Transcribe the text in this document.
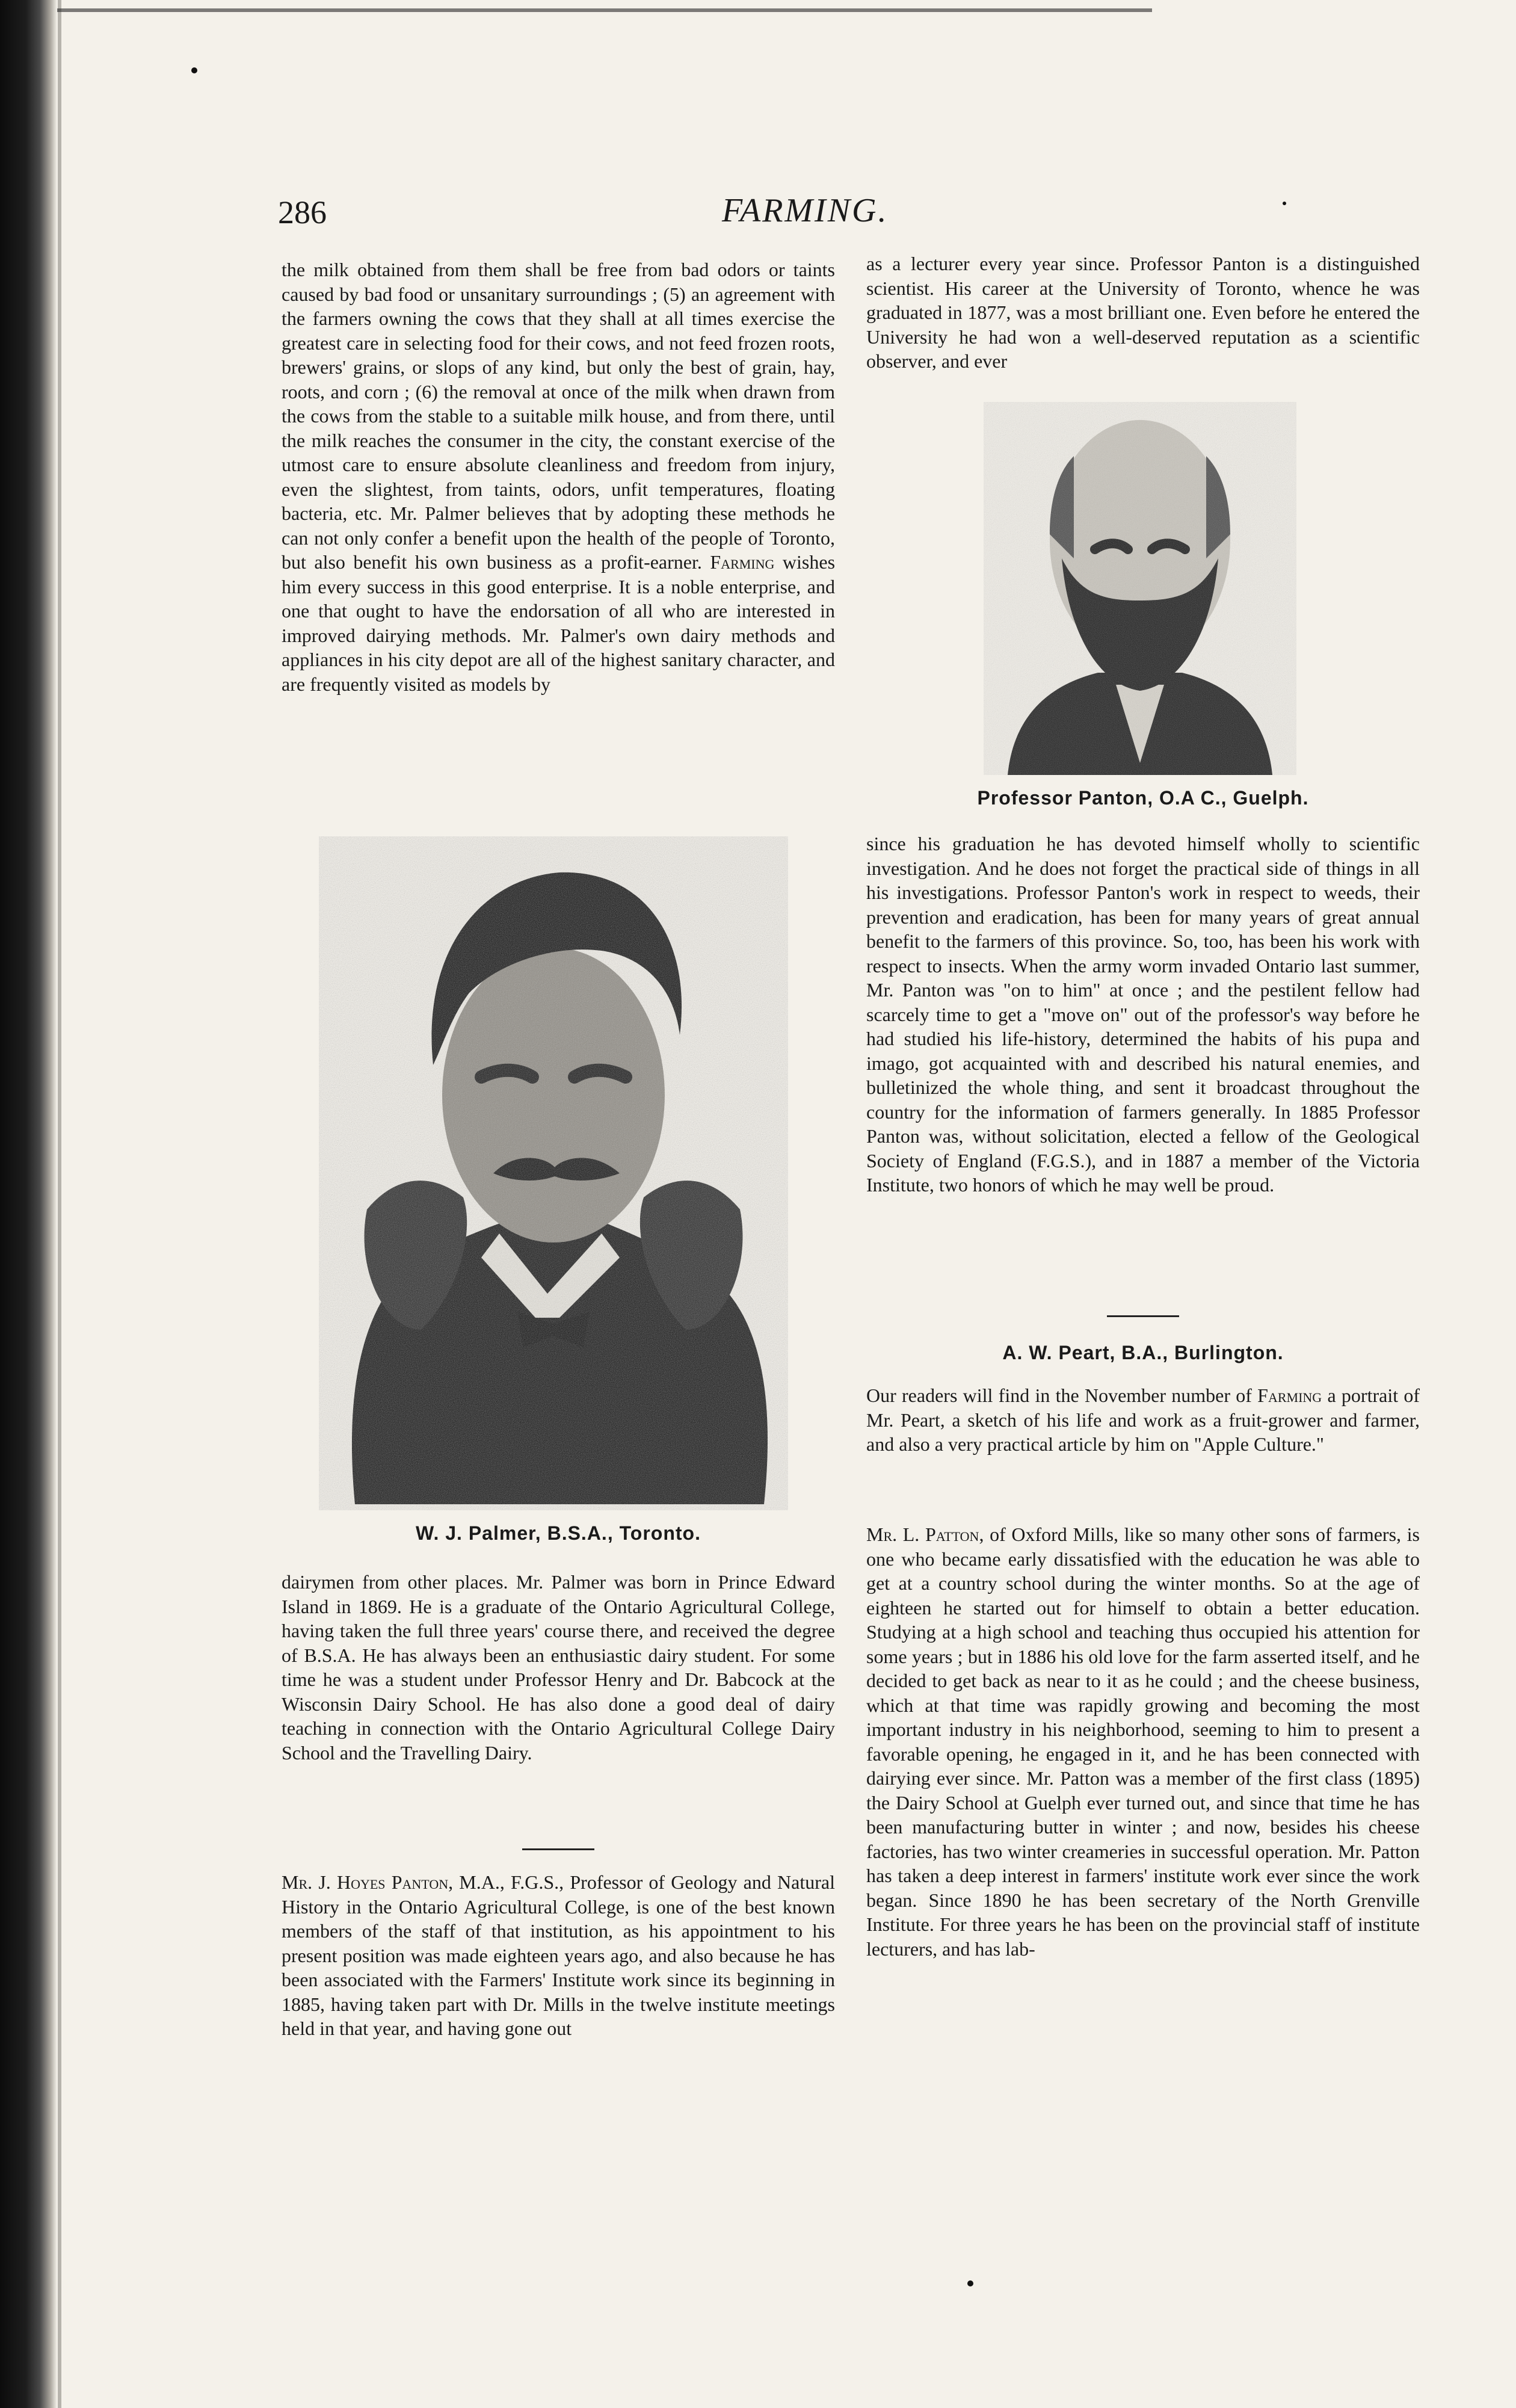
286	FARMING.

the milk obtained from them shall be free from bad odors or taints caused by bad food or unsanitary surroundings ; (5) an agreement with the farmers owning the cows that they shall at all times exercise the greatest care in selecting food for their cows, and not feed frozen roots, brewers' grains, or slops of any kind, but only the best of grain, hay, roots, and corn ; (6) the removal at once of the milk when drawn from the cows from the stable to a suitable milk house, and from there, until the milk reaches the consumer in the city, the constant exercise of the utmost care to ensure absolute cleanliness and freedom from injury, even the slightest, from taints, odors, unfit temperatures, floating bacteria, etc. Mr. Palmer believes that by adopting these methods he can not only confer a benefit upon the health of the people of Toronto, but also benefit his own business as a profit-earner. Farming wishes him every success in this good enterprise. It is a noble enterprise, and one that ought to have the endorsation of all who are interested in improved dairying methods. Mr. Palmer's own dairy methods and appliances in his city depot are all of the highest sanitary character, and are frequently visited as models by

W. J. Palmer, B.S.A., Toronto.

dairymen from other places. Mr. Palmer was born in Prince Edward Island in 1869. He is a graduate of the Ontario Agricultural College, having taken the full three years' course there, and received the degree of B.S.A. He has always been an enthusiastic dairy student. For some time he was a student under Professor Henry and Dr. Babcock at the Wisconsin Dairy School. He has also done a good deal of dairy teaching in connection with the Ontario Agricultural College Dairy School and the Travelling Dairy.

Mr. J. Hoyes Panton, M.A., F.G.S., Professor of Geology and Natural History in the Ontario Agricultural College, is one of the best known members of the staff of that institution, as his appointment to his present position was made eighteen years ago, and also because he has been associated with the Farmers' Institute work since its beginning in 1885, having taken part with Dr. Mills in the twelve institute meetings held in that year, and having gone out

as a lecturer every year since. Professor Panton is a distinguished scientist. His career at the University of Toronto, whence he was graduated in 1877, was a most brilliant one. Even before he entered the University he had won a well-deserved reputation as a scientific observer, and ever

Professor Panton, O.A C., Guelph.

since his graduation he has devoted himself wholly to scientific investigation. And he does not forget the practical side of things in all his investigations. Professor Panton's work in respect to weeds, their prevention and eradication, has been for many years of great annual benefit to the farmers of this province. So, too, has been his work with respect to insects. When the army worm invaded Ontario last summer, Mr. Panton was "on to him" at once ; and the pestilent fellow had scarcely time to get a "move on" out of the professor's way before he had studied his life-history, determined the habits of his pupa and imago, got acquainted with and described his natural enemies, and bulletinized the whole thing, and sent it broadcast throughout the country for the information of farmers generally. In 1885 Professor Panton was, without solicitation, elected a fellow of the Geological Society of England (F.G.S.), and in 1887 a member of the Victoria Institute, two honors of which he may well be proud.

A. W. Peart, B.A., Burlington.

Our readers will find in the November number of Farming a portrait of Mr. Peart, a sketch of his life and work as a fruit-grower and farmer, and also a very practical article by him on "Apple Culture."

Mr. L. Patton, of Oxford Mills, like so many other sons of farmers, is one who became early dissatisfied with the education he was able to get at a country school during the winter months. So at the age of eighteen he started out for himself to obtain a better education. Studying at a high school and teaching thus occupied his attention for some years ; but in 1886 his old love for the farm asserted itself, and he decided to get back as near to it as he could ; and the cheese business, which at that time was rapidly growing and becoming the most important industry in his neighborhood, seeming to him to present a favorable opening, he engaged in it, and he has been connected with dairying ever since. Mr. Patton was a member of the first class (1895) the Dairy School at Guelph ever turned out, and since that time he has been manufacturing butter in winter ; and now, besides his cheese factories, has two winter creameries in successful operation. Mr. Patton has taken a deep interest in farmers' institute work ever since the work began. Since 1890 he has been secretary of the North Grenville Institute. For three years he has been on the provincial staff of institute lecturers, and has lab-
